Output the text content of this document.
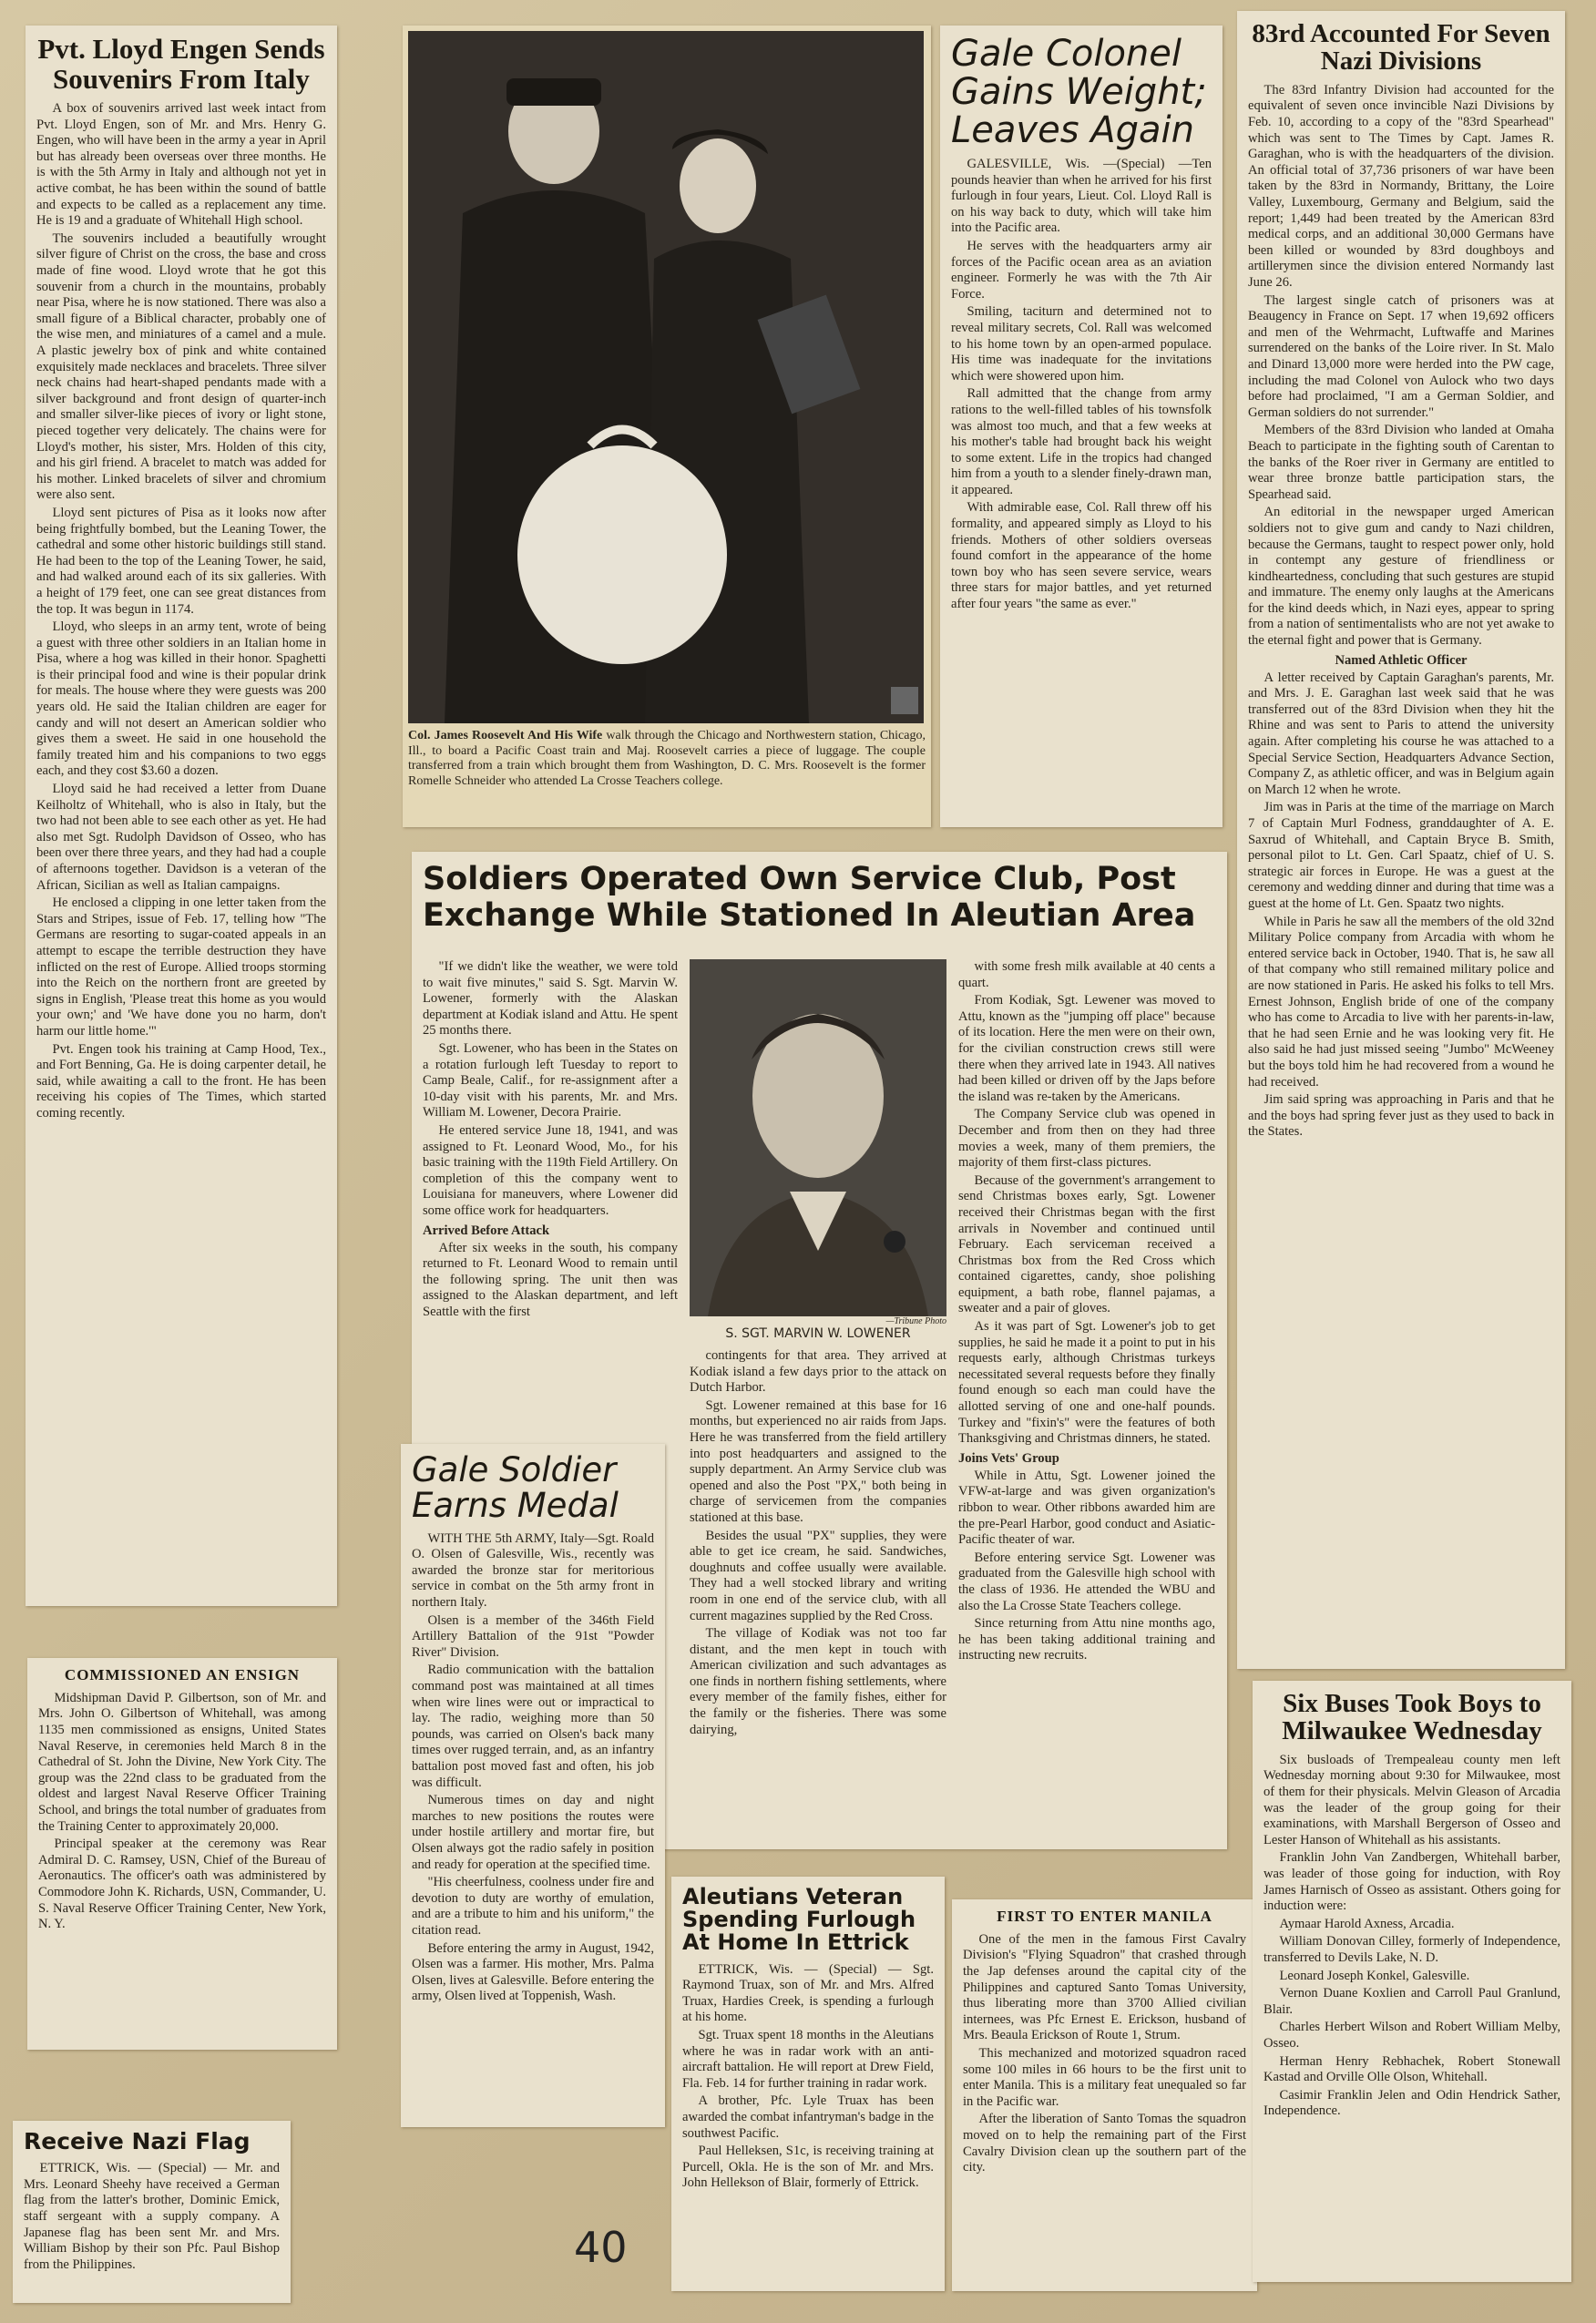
Pvt. Lloyd Engen Sends Souvenirs From Italy

A box of souvenirs arrived last week intact from Pvt. Lloyd Engen, son of Mr. and Mrs. Henry G. Engen, who will have been in the army a year in April but has already been overseas over three months. He is with the 5th Army in Italy and although not yet in active combat, he has been within the sound of battle and expects to be called as a replacement any time. He is 19 and a graduate of Whitehall High school.

The souvenirs included a beautifully wrought silver figure of Christ on the cross, the base and cross made of fine wood. Lloyd wrote that he got this souvenir from a church in the mountains, probably near Pisa, where he is now stationed. There was also a small figure of a Biblical character, probably one of the wise men, and miniatures of a camel and a mule. A plastic jewelry box of pink and white contained exquisitely made necklaces and bracelets. Three silver neck chains had heart-shaped pendants made with a silver background and front design of quarter-inch and smaller silver-like pieces of ivory or light stone, pieced together very delicately. The chains were for Lloyd's mother, his sister, Mrs. Holden of this city, and his girl friend. A bracelet to match was added for his mother. Linked bracelets of silver and chromium were also sent.

Lloyd sent pictures of Pisa as it looks now after being frightfully bombed, but the Leaning Tower, the cathedral and some other historic buildings still stand. He had been to the top of the Leaning Tower, he said, and had walked around each of its six galleries. With a height of 179 feet, one can see great distances from the top. It was begun in 1174.

Lloyd, who sleeps in an army tent, wrote of being a guest with three other soldiers in an Italian home in Pisa, where a hog was killed in their honor. Spaghetti is their principal food and wine is their popular drink for meals. The house where they were guests was 200 years old. He said the Italian children are eager for candy and will not desert an American soldier who gives them a sweet. He said in one household the family treated him and his companions to two eggs each, and they cost $3.60 a dozen.

Lloyd said he had received a letter from Duane Keilholtz of Whitehall, who is also in Italy, but the two had not been able to see each other as yet. He had also met Sgt. Rudolph Davidson of Osseo, who has been over there three years, and they had had a couple of afternoons together. Davidson is a veteran of the African, Sicilian as well as Italian campaigns.

He enclosed a clipping in one letter taken from the Stars and Stripes, issue of Feb. 17, telling how "The Germans are resorting to sugar-coated appeals in an attempt to escape the terrible destruction they have inflicted on the rest of Europe. Allied troops storming into the Reich on the northern front are greeted by signs in English, 'Please treat this home as you would your own;' and 'We have done you no harm, don't harm our little home.'"

Pvt. Engen took his training at Camp Hood, Tex., and Fort Benning, Ga. He is doing carpenter detail, he said, while awaiting a call to the front. He has been receiving his copies of The Times, which started coming recently.

COMMISSIONED AN ENSIGN

Midshipman David P. Gilbertson, son of Mr. and Mrs. John O. Gilbertson of Whitehall, was among 1135 men commissioned as ensigns, United States Naval Reserve, in ceremonies held March 8 in the Cathedral of St. John the Divine, New York City. The group was the 22nd class to be graduated from the oldest and largest Naval Reserve Officer Training School, and brings the total number of graduates from the Training Center to approximately 20,000.

Principal speaker at the ceremony was Rear Admiral D. C. Ramsey, USN, Chief of the Bureau of Aeronautics. The officer's oath was administered by Commodore John K. Richards, USN, Commander, U. S. Naval Reserve Officer Training Center, New York, N. Y.

Receive Nazi Flag

ETTRICK, Wis. — (Special) — Mr. and Mrs. Leonard Sheehy have received a German flag from the latter's brother, Dominic Emick, staff sergeant with a supply company. A Japanese flag has been sent Mr. and Mrs. William Bishop by their son Pfc. Paul Bishop from the Philippines.

Col. James Roosevelt And His Wife walk through the Chicago and Northwestern station, Chicago, Ill., to board a Pacific Coast train and Maj. Roosevelt carries a piece of luggage. The couple transferred from a train which brought them from Washington, D. C. Mrs. Roosevelt is the former Romelle Schneider who attended La Crosse Teachers college.
Gale Colonel Gains Weight; Leaves Again

GALESVILLE, Wis. —(Special) —Ten pounds heavier than when he arrived for his first furlough in four years, Lieut. Col. Lloyd Rall is on his way back to duty, which will take him into the Pacific area.

He serves with the headquarters army air forces of the Pacific ocean area as an aviation engineer. Formerly he was with the 7th Air Force.

Smiling, taciturn and determined not to reveal military secrets, Col. Rall was welcomed to his home town by an open-armed populace. His time was inadequate for the invitations which were showered upon him.

Rall admitted that the change from army rations to the well-filled tables of his townsfolk was almost too much, and that a few weeks at his mother's table had brought back his weight to some extent. Life in the tropics had changed him from a youth to a slender finely-drawn man, it appeared.

With admirable ease, Col. Rall threw off his formality, and appeared simply as Lloyd to his friends. Mothers of other soldiers overseas found comfort in the appearance of the home town boy who has seen severe service, wears three stars for major battles, and yet returned after four years "the same as ever."

83rd Accounted For Seven Nazi Divisions

The 83rd Infantry Division had accounted for the equivalent of seven once invincible Nazi Divisions by Feb. 10, according to a copy of the "83rd Spearhead" which was sent to The Times by Capt. James R. Garaghan, who is with the headquarters of the division. An official total of 37,736 prisoners of war have been taken by the 83rd in Normandy, Brittany, the Loire Valley, Luxembourg, Germany and Belgium, said the report; 1,449 had been treated by the American 83rd medical corps, and an additional 30,000 Germans have been killed or wounded by 83rd doughboys and artillerymen since the division entered Normandy last June 26.

The largest single catch of prisoners was at Beaugency in France on Sept. 17 when 19,692 officers and men of the Wehrmacht, Luftwaffe and Marines surrendered on the banks of the Loire river. In St. Malo and Dinard 13,000 more were herded into the PW cage, including the mad Colonel von Aulock who two days before had proclaimed, "I am a German Soldier, and German soldiers do not surrender."

Members of the 83rd Division who landed at Omaha Beach to participate in the fighting south of Carentan to the banks of the Roer river in Germany are entitled to wear three bronze battle participation stars, the Spearhead said.

An editorial in the newspaper urged American soldiers not to give gum and candy to Nazi children, because the Germans, taught to respect power only, hold in contempt any gesture of friendliness or kindheartedness, concluding that such gestures are stupid and immature. The enemy only laughs at the Americans for the kind deeds which, in Nazi eyes, appear to spring from a nation of sentimentalists who are not yet awake to the eternal fight and power that is Germany.

Named Athletic Officer

A letter received by Captain Garaghan's parents, Mr. and Mrs. J. E. Garaghan last week said that he was transferred out of the 83rd Division when they hit the Rhine and was sent to Paris to attend the university again. After completing his course he was attached to a Special Service Section, Headquarters Advance Section, Company Z, as athletic officer, and was in Belgium again on March 12 when he wrote.

Jim was in Paris at the time of the marriage on March 7 of Captain Murl Fodness, granddaughter of A. E. Saxrud of Whitehall, and Captain Bryce B. Smith, personal pilot to Lt. Gen. Carl Spaatz, chief of U. S. strategic air forces in Europe. He was a guest at the ceremony and wedding dinner and during that time was a guest at the home of Lt. Gen. Spaatz two nights.

While in Paris he saw all the members of the old 32nd Military Police company from Arcadia with whom he entered service back in October, 1940. That is, he saw all of that company who still remained military police and are now stationed in Paris. He asked his folks to tell Mrs. Ernest Johnson, English bride of one of the company who has come to Arcadia to live with her parents-in-law, that he had seen Ernie and he was looking very fit. He also said he had just missed seeing "Jumbo" McWeeney but the boys told him he had recovered from a wound he had received.

Jim said spring was approaching in Paris and that he and the boys had spring fever just as they used to back in the States.

Soldiers Operated Own Service Club, Post Exchange While Stationed In Aleutian Area

"If we didn't like the weather, we were told to wait five minutes," said S. Sgt. Marvin W. Lowener, formerly with the Alaskan department at Kodiak island and Attu. He spent 25 months there.

Sgt. Lowener, who has been in the States on a rotation furlough left Tuesday to report to Camp Beale, Calif., for re-assignment after a 10-day visit with his parents, Mr. and Mrs. William M. Lowener, Decora Prairie.

He entered service June 18, 1941, and was assigned to Ft. Leonard Wood, Mo., for his basic training with the 119th Field Artillery. On completion of this the company went to Louisiana for maneuvers, where Lowener did some office work for headquarters.

Arrived Before Attack

After six weeks in the south, his company returned to Ft. Leonard Wood to remain until the following spring. The unit then was assigned to the Alaskan department, and left Seattle with the first

—Tribune Photo
S. SGT. MARVIN W. LOWENER

contingents for that area. They arrived at Kodiak island a few days prior to the attack on Dutch Harbor.

Sgt. Lowener remained at this base for 16 months, but experienced no air raids from Japs. Here he was transferred from the field artillery into post headquarters and assigned to the supply department. An Army Service club was opened and also the Post "PX," both being in charge of servicemen from the companies stationed at this base.

Besides the usual "PX" supplies, they were able to get ice cream, he said. Sandwiches, doughnuts and coffee usually were available. They had a well stocked library and writing room in one end of the service club, with all current magazines supplied by the Red Cross.

The village of Kodiak was not too far distant, and the men kept in touch with American civilization and such advantages as one finds in northern fishing settlements, where every member of the family fishes, either for the family or the fisheries. There was some dairying,

with some fresh milk available at 40 cents a quart.

From Kodiak, Sgt. Lewener was moved to Attu, known as the "jumping off place" because of its location. Here the men were on their own, for the civilian construction crews still were there when they arrived late in 1943. All natives had been killed or driven off by the Japs before the island was re-taken by the Americans.

The Company Service club was opened in December and from then on they had three movies a week, many of them premiers, the majority of them first-class pictures.

Because of the government's arrangement to send Christmas boxes early, Sgt. Lowener received their Christmas began with the first arrivals in November and continued until February. Each serviceman received a Christmas box from the Red Cross which contained cigarettes, candy, shoe polishing equipment, a bath robe, flannel pajamas, a sweater and a pair of gloves.

As it was part of Sgt. Lowener's job to get supplies, he said he made it a point to put in his requests early, although Christmas turkeys necessitated several requests before they finally found enough so each man could have the allotted serving of one and one-half pounds. Turkey and "fixin's" were the features of both Thanksgiving and Christmas dinners, he stated.

Joins Vets' Group

While in Attu, Sgt. Lowener joined the VFW-at-large and was given organization's ribbon to wear. Other ribbons awarded him are the pre-Pearl Harbor, good conduct and Asiatic-Pacific theater of war.

Before entering service Sgt. Lowener was graduated from the Galesville high school with the class of 1936. He attended the WBU and also the La Crosse State Teachers college.

Since returning from Attu nine months ago, he has been taking additional training and instructing new recruits.

Gale Soldier Earns Medal

WITH THE 5th ARMY, Italy—Sgt. Roald O. Olsen of Galesville, Wis., recently was awarded the bronze star for meritorious service in combat on the 5th army front in northern Italy.

Olsen is a member of the 346th Field Artillery Battalion of the 91st "Powder River" Division.

Radio communication with the battalion command post was maintained at all times when wire lines were out or impractical to lay. The radio, weighing more than 50 pounds, was carried on Olsen's back many times over rugged terrain, and, as an infantry battalion post moved fast and often, his job was difficult.

Numerous times on day and night marches to new positions the routes were under hostile artillery and mortar fire, but Olsen always got the radio safely in position and ready for operation at the specified time.

"His cheerfulness, coolness under fire and devotion to duty are worthy of emulation, and are a tribute to him and his uniform," the citation read.

Before entering the army in August, 1942, Olsen was a farmer. His mother, Mrs. Palma Olsen, lives at Galesville. Before entering the army, Olsen lived at Toppenish, Wash.

Aleutians Veteran Spending Furlough At Home In Ettrick

ETTRICK, Wis. — (Special) — Sgt. Raymond Truax, son of Mr. and Mrs. Alfred Truax, Hardies Creek, is spending a furlough at his home.

Sgt. Truax spent 18 months in the Aleutians where he was in radar work with an anti-aircraft battalion. He will report at Drew Field, Fla. Feb. 14 for further training in radar work.

A brother, Pfc. Lyle Truax has been awarded the combat infantryman's badge in the southwest Pacific.

Paul Helleksen, S1c, is receiving training at Purcell, Okla. He is the son of Mr. and Mrs. John Hellekson of Blair, formerly of Ettrick.

FIRST TO ENTER MANILA

One of the men in the famous First Cavalry Division's "Flying Squadron" that crashed through the Jap defenses around the capital city of the Philippines and captured Santo Tomas University, thus liberating more than 3700 Allied civilian internees, was Pfc Ernest E. Erickson, husband of Mrs. Beaula Erickson of Route 1, Strum.

This mechanized and motorized squadron raced some 100 miles in 66 hours to be the first unit to enter Manila. This is a military feat unequaled so far in the Pacific war.

After the liberation of Santo Tomas the squadron moved on to help the remaining part of the First Cavalry Division clean up the southern part of the city.

Six Buses Took Boys to Milwaukee Wednesday

Six busloads of Trempealeau county men left Wednesday morning about 9:30 for Milwaukee, most of them for their physicals. Melvin Gleason of Arcadia was the leader of the group going for their examinations, with Marshall Bergerson of Osseo and Lester Hanson of Whitehall as his assistants.

Franklin John Van Zandbergen, Whitehall barber, was leader of those going for induction, with Roy James Harnisch of Osseo as assistant. Others going for induction were:

Aymaar Harold Axness, Arcadia.

William Donovan Cilley, formerly of Independence, transferred to Devils Lake, N. D.

Leonard Joseph Konkel, Galesville.

Vernon Duane Koxlien and Carroll Paul Granlund, Blair.

Charles Herbert Wilson and Robert William Melby, Osseo.

Herman Henry Rebhachek, Robert Stonewall Kastad and Orville Olle Olson, Whitehall.

Casimir Franklin Jelen and Odin Hendrick Sather, Independence.

40
